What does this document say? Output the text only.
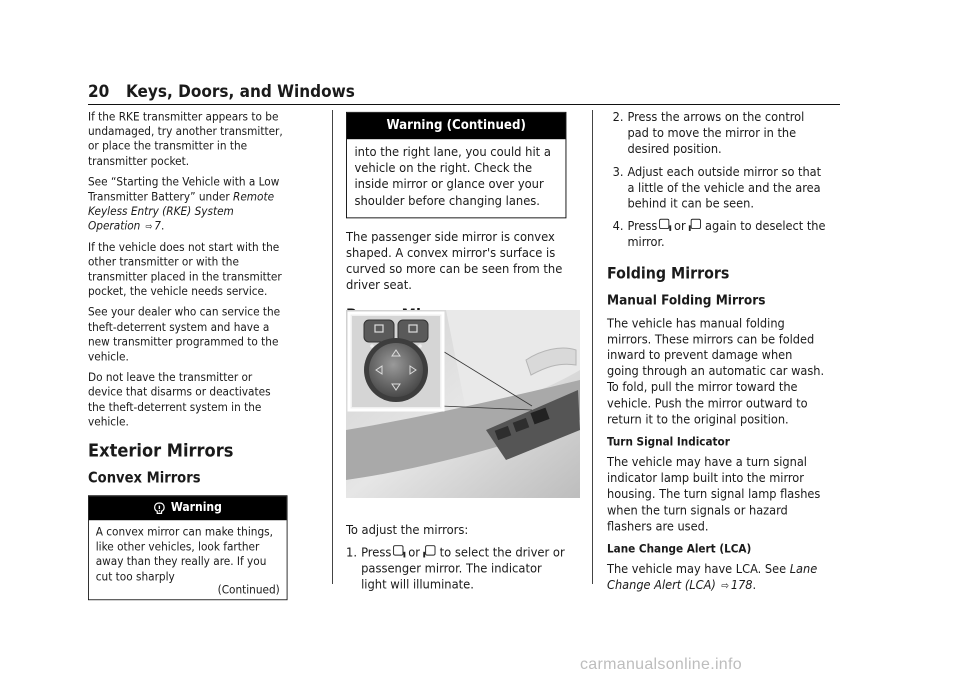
20 Keys, Doors, and Windows

If the RKE transmitter appears to be undamaged, try another transmitter, or place the transmitter in the transmitter pocket.

See “Starting the Vehicle with a Low Transmitter Battery” under Remote Keyless Entry (RKE) System Operation ⇨ 7.

If the vehicle does not start with the other transmitter or with the transmitter placed in the transmitter pocket, the vehicle needs service.

See your dealer who can service the theft-deterrent system and have a new transmitter programmed to the vehicle.

Do not leave the transmitter or device that disarms or deactivates the theft-deterrent system in the vehicle.

Exterior Mirrors
Convex Mirrors
Warning
A convex mirror can make things, like other vehicles, look farther away than they really are. If you cut too sharply
(Continued)
Warning (Continued)
into the right lane, you could hit a vehicle on the right. Check the inside mirror or glance over your shoulder before changing lanes.

The passenger side mirror is convex shaped. A convex mirror's surface is curved so more can be seen from the driver seat.

To adjust the mirrors:

1. Press or to select the driver or passenger mirror. The indicator light will illuminate.
2. Press the arrows on the control pad to move the mirror in the desired position.
3. Adjust each outside mirror so that a little of the vehicle and the area behind it can be seen.
4. Press or again to deselect the mirror.
Folding Mirrors
Manual Folding Mirrors

The vehicle has manual folding mirrors. These mirrors can be folded inward to prevent damage when going through an automatic car wash. To fold, pull the mirror toward the vehicle. Push the mirror outward to return it to the original position.

Turn Signal Indicator

The vehicle may have a turn signal indicator lamp built into the mirror housing. The turn signal lamp flashes when the turn signals or hazard flashers are used.

Lane Change Alert (LCA)

The vehicle may have LCA. See Lane Change Alert (LCA) ⇨ 178.

carmanualsonline.info
